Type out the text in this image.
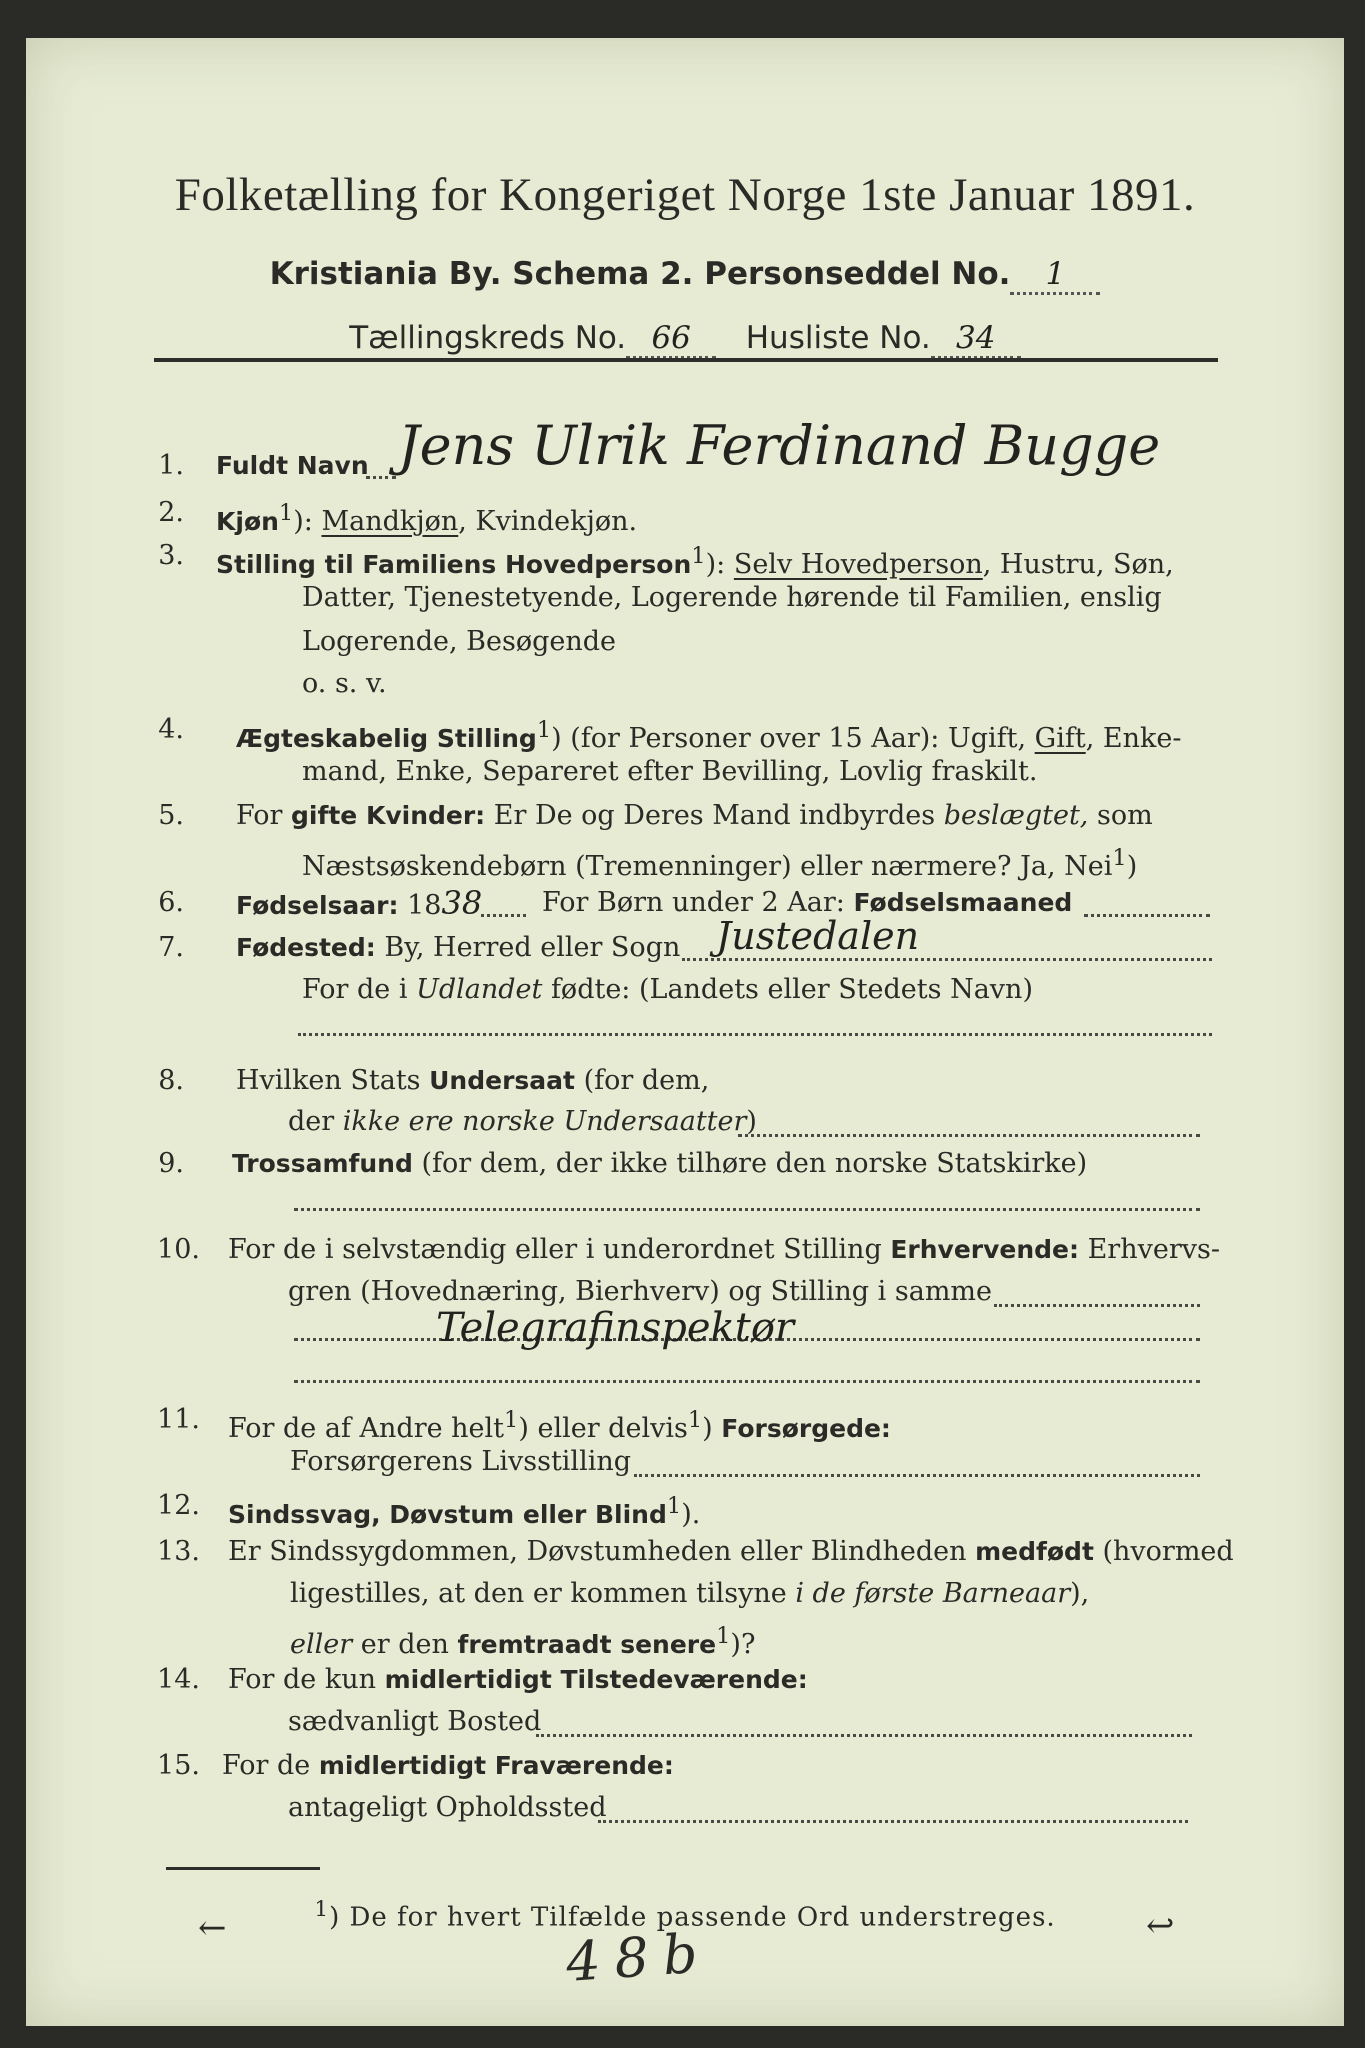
Folketælling for Kongeriget Norge 1ste Januar 1891.
Kristiania By. Schema 2. Personseddel No. 1
Tællingskreds No. 66 Husliste No. 34
1. Fuldt Navn Jens Ulrik Ferdinand Bugge
2. Kjøn$^1$): Mandkjøn, Kvindekjøn.
3. Stilling til Familiens Hovedperson$^1$): Selv Hovedperson, Hustru, Søn,
Datter, Tjenestetyende, Logerende hørende til Familien, enslig
Logerende, Besøgende
o. s. v.
4. Ægteskabelig Stilling$^1$) (for Personer over 15 Aar): Ugift, Gift, Enke-
mand, Enke, Separeret efter Bevilling, Lovlig fraskilt.
5. For gifte Kvinder: Er De og Deres Mand indbyrdes beslægtet, som
Næstsøskendebørn (Tremenninger) eller nærmere? Ja, Nei$^1$)
6. Fødselsaar: 1838 For Børn under 2 Aar: Fødselsmaaned
7. Fødested: By, Herred eller Sogn Justedalen
For de i Udlandet fødte: (Landets eller Stedets Navn)
8. Hvilken Stats Undersaat (for dem,
der ikke ere norske Undersaatter)
9. Trossamfund (for dem, der ikke tilhøre den norske Statskirke)
10. For de i selvstændig eller i underordnet Stilling Erhvervende: Erhvervs-
gren (Hovednæring, Bierhverv) og Stilling i samme
Telegrafinspektør
11. For de af Andre helt$^1$) eller delvis$^1$) Forsørgede:
Forsørgerens Livsstilling
12. Sindssvag, Døvstum eller Blind$^1$).
13. Er Sindssygdommen, Døvstumheden eller Blindheden medfødt (hvormed
ligestilles, at den er kommen tilsyne i de første Barneaar),
eller er den fremtraadt senere$^1$)?
14. For de kun midlertidigt Tilstedeværende:
sædvanligt Bosted
15. For de midlertidigt Fraværende:
antageligt Opholdssted
$^1$) De for hvert Tilfælde passende Ord understreges.
48b
←	↩
